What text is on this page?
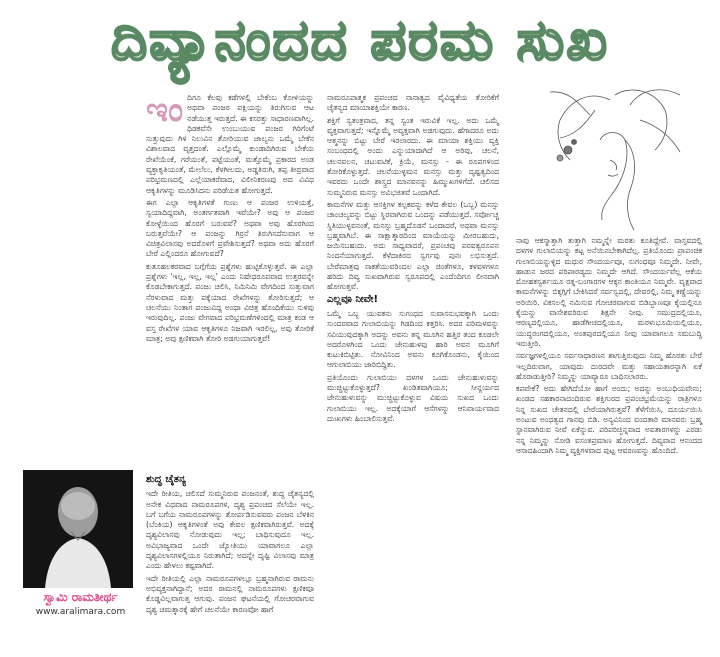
ದಿವ್ಯಾನಂದದ ಪರಮ ಸುಖ
ಇಂ ದಿಗೂ ಕೆಲವು ಕಡೆಗಳಲ್ಲಿ ಬೇಕೆಂಬ ಕೋಳಿಯನ್ನು ಅಥವಾ ಪಂಜರ ಪಕ್ಷಿಯನ್ನು ತಿರುಗಿಸುವ ಆಟ ನಡೆಯುತ್ತ ಇರುತ್ತದೆ. ಈ ಕಸರತ್ತು ಸಾಧಾರಣವಾಗಿಲ್ಲ. ಧಿಡಕವೆಸೇ ಉಂಬುಯುವ ಪಂಜರ ಗಿರಿಗೆಂಟೆ ಸುತ್ತುವುದು ಗಿಳಿ ನಿಲುವಿನ ತೋರಿಯುವ ಜಾಲ್ಯನು ಒಮ್ಮೆ ಬೇಕೆನ ವಿಶಾಲವಾದ ವೃತ್ತದಂತೆ. ಎಲ್ಲೊಮ್ಮೆ ಕುಂಡಾದಿಗಿರುವ ಬೇಕೆಯ ರೇಖೆಯೆಂಕೆ, ಗರೆಯಂತೆ, ಪಟ್ಟೆಯಂತೆ, ಮತ್ತೊಮ್ಮೆ ಪ್ರಕಾರದ ಅಂಡ ವ್ಯಕ್ತಾಕೃತಿಯಂತೆ, ಮೇಲೆಲು, ಕೆಳಗೀಲದು, ಅಡ್ಡತಿರುಗಿ, ತಪ್ಪ ತೀವ್ರವಾದ ಪರಿಭ್ರಮಣದಲ್ಲಿ ಎಲ್ಲೆಯಾಕರೆವಾದ, ವಿಲೀನಿಕರಣವು ಅದ ವಿವಿಧ ಆಕೃತಿಗಳನ್ನು ಮೂಡಿಸಿದನು ಪರಿಡೆಯತ ಹೋಗುತ್ತದೆ.

ಈಗ ಎಲ್ಲಾ ಆಕೃತಿಗಳತೆ ಗುಣು ಆ ಪಂಜರ ಉಳಿಯತ್ತೆ, ಸ್ವಯಾದಿದ್ದವಾಗಿ, ಅಂತರ್ಗತವಾಗಿ ಇವೆಯೇ? ಅವು ಆ ಪಂಜರ ಕೋಳ್ಳೆಯಿಂದ ಹೊರಗೆ ಬರುವವೆ? ಅಥವಾ ಅವು ಹೊರಗಿಂದ ಬರುತ್ತವೆಯೇ? ಆ ಪಂಜನ್ನು ಗಿರ್ರನೆ ತಿರುಗಿಸದೆನುವಾಗ ಆ ವಿಚಿತ್ರವಿಲಾಸವು ಅದರೊಳಗೆ ಪ್ರವೇಶಿಸುತ್ತದೆ? ಅಥವಾ ಅದು ಹೊರಗೆ ಬೇರೆ ಎಲ್ಲಿಂದರೂ ಹೋಗುವದೆ?

ಕುತೂಹಲಕರವಾದ ಬಗ್ಗೆಗೆಯ ಪ್ರಶ್ನೆಗಳು ಹುಟ್ಟಿಕೊಳ್ಳುತ್ತವೆ. ಈ ಎಲ್ಲಾ ಪ್ರಶ್ನೆಗಳು 'ಇಲ್ಲ, ಇಲ್ಲ, ಇಲ್ಲ' ಎಂದು ನಿಷೇಧರೂಪವಾದ ಉತ್ತರವನ್ನೇ ಕೊಡಬೇಕಾಗುತ್ತದೆ. ಪಂಜು ಚಲಿಸಿ, ನಿಮಿನಿಮಿ ವೇಗದಿಂದ ಸುತ್ತುವಾಗ ನೆರಳುವಾದ ಮತ್ತು ಪಕ್ಕೆಯಾದ ರೇಖೆಗಳನ್ನು ತೋರಿಸುತ್ತದೆ; ಆ ಚಲನೆಯು ನಿಂತಾಗ ಪಂಜುವಿದ್ದ ಅಂಥಾ ವಿಚಿತ್ರ ಹೊಂದಿಕೆಯು ಸುಳಿವು ಇರುವುದಿಲ್ಲ. ಪಂಜು ವೇಗವಾದ ಪರಿಭ್ರಮಣೆಗಳಿಂದಲ್ಲಿ ಮಾತ್ರ ಕಂಡ ಆ ವಸ್ತ ರೇಖೆಗಳ ಯಾವ ಆಕೃತಿಗಳೂ ನಿಜವಾಗಿ ಇರಲಿಲ್ಲ, ಅವು ತೋರಿಕೆ ಮಾತ್ರ; ಅವು ಕ್ಷಣಿಕವಾಗಿ ತೋರಿ ಅಡಗುಯಾಗುತ್ತವೆ!

ಶುದ್ಧ ಚೈತನ್ಯ

ಇದೇ ರೀತಿಯ, ಚಲಿಸದೆ ಸುಮ್ಮನಿರುವ ಪಂಜನಂತೆ, ಶುದ್ಧ ಚೈತನ್ಯದಲ್ಲಿ ಅನೇಕ ವಿಧವಾದ ನಾಮರೂಪಗಳ, ದೃಶ್ಯ ಪ್ರಪಂಚದ ಸೆಲೆಯೇ ಇಲ್ಲ. ಬಗೆ ಬಗೆಯ ನಾಮರೂಪಗಳನ್ನು ತೋರ್ಪಡಿಸುವವರು ಪಂಜನ ಬೆಳಕಿನ (ಬೆಂಕಿಯ) ಆಕೃತಿಗಳಂತೆ ಅವು ಕೇವಲ ಕ್ಷಣಿಕವಾಗಿರುತ್ತವೆ. ಅದಕ್ಕೆ ದೃಶ್ಯವಿಲಾಸವು ನೋಡುವುದು ಇಲ್ಲ; ಬಾಧಿಸುವುದೂ ಇಲ್ಲ. ಅವಿಭಾಜ್ಯವಾದ ಒಂದೇ ಜ್ಯೋತಿಯು ಯಾವಾಗಲೂ ಎಲ್ಲಾ ದೃಶ್ಯವಿಲಾಸಗಳಲ್ಲಿಯೂ ನಿರುತಾಗಿದೆ; ಅದನ್ನೇ ದೃಷ್ಟಿ ವಿಲಾಸವು ಮಾತ್ರ ಎಂದು ಹೇಳಲು ಕಷ್ಟವಾಗಿದೆ.

ಇದೇ ರೀತಿಯಲ್ಲಿ ಎಲ್ಲಾ ನಾಮರೂಪಗಳಲ್ಲೂ ಬ್ರಹ್ಮನಾಗಿರುವ ರಾಮನು ಅಭಿವ್ಯಕ್ತನಾಗಿದ್ದಾನೆ; ಅದರ ರಾಮನಲ್ಲಿ ನಾಮರೂಪಗಳು ಕ್ಷಣಿಕವೂ ಕೊಡ್ಡವಿಲ್ಲವಾಗುತ್ತ ಆಗುವು. ಪಂಜನ ಘಟನೆಯಲ್ಲಿ ಗೋಚರವಾಗುವ ದೃಶ್ಯ ಚಮತ್ಕಾರಕ್ಕೆ ಹೇಗೆ ಚಲನೆಯೇ ಕಾರಣವೋ ಹಾಗೆ

ಸ್ವಾಮಿ ರಾಮತೀರ್ಥ
www.aralimara.com

ನಾಮರೂಪಾತ್ಮಕ ಪ್ರಪಂಚದ ನಾನಾತ್ವದ ವೈವಿಧ್ಯತೆಯ ತೋರಿಕೆಗೆ ಚೈತನ್ಯದ ಮಾಯಾಶಕ್ತಿಯೇ ಕಾರಣ.

ಶಕ್ತಿಗೆ ಸ್ವತಂತ್ರವಾದ, ತನ್ನ ಸ್ವಂತ ಇರುವಿಕೆ ಇಲ್ಲ. ಅದು ಒಮ್ಮೆ ವ್ಯಕ್ತವಾಗುತ್ತದೆ; ಇನ್ನೊಮ್ಮೆ ಅವ್ಯಕ್ತವಾಗಿ ಅಡಗುವುದು. ಹೆಗಾದರೂ ಅದು ಆತ್ಮನನ್ನು ಬಿಟ್ಟು ಬೇರೆ ಇರಲಾರದು. ಈ ಮಾಯಾ ಶಕ್ತಿಯು ವ್ಯಕ್ತಿ ಸಂಬಂಧದಲ್ಲಿ ಅಂದು ಎನ್ನುಯಾದಾಗಿದೆ ಆ ಅರಿವು, ಚಲನೆ, ಚಲನವಲನ, ಚಟುವಟಿಕೆ, ಕ್ರಿಯೆ, ಮನಸ್ಸು - ಈ ರೂಪಗಳಿಂದ ತೋರಿಕೊಳ್ಳುತ್ತದೆ. ಚಲನೆಯುಳ್ಳಮನ ಮನಸ್ಸು ಮತ್ತು ದೃಷ್ಟತ್ವದಿಂದ ಇವರದು ಒಂದೇ ಶಾಸ್ತ್ರದ ಮಾನವನನ್ನು ಹಿಮ್ಮುಖಗಳಿಗೆದೆ. ಚಲಿಸದ ಸುಮ್ಮನಿರುವ ಮನಸ್ಸು ಅವಿಭಜಿತವೆ ಒಂದಾಗಿದೆ.

ಕಾಮನೆಗಳ ಮತ್ತು ಆಸಕ್ತಿಗಳ ಕಲ್ಪಕವನ್ನು ಕಳೆದ ಕೇವಲ (ಒಬ್ಬ) ಮನಸ್ಸು ಚಾಂಚಲ್ಯವನ್ನು ಬಿಟ್ಟು ಸ್ಥಿರವಾಗಿರುವ ಒಂದನ್ನು ಪಡೆಯುತ್ತದೆ. ಸರ್ವೋಚ್ಚ ಸ್ಥಿತಿಯುಳ್ಳವನಂತೆ, ಮನಸ್ಸು ಬ್ರಹ್ಮದೊಡನೆ ಒಂದಾದರೆ, ಅಥವಾ ಮನಸ್ಸು ಬ್ರಹ್ಮವಾಗಿಬೆ. ಈ ಸಾಕ್ಷಾತ್ಕಾರದಿಂದ ಮಾಯೆಯನ್ನು ಮೀರಬಹುದು, ಜಯಿಸಬಹುದು. ಅದು ಸಾಧ್ಯವಾದರೆ, ಪ್ರಪಂಚವು ಪರವತ್ವರೂಪನ ನಿಂದನೆಯಾಗುತ್ತದೆ. ಕೆಳೆದಾಕಿರದ ಸ್ವರ್ಗವು ಪುನಃ ಲಭಿಸುತ್ತದೆ. ಬೇರೆಮಾತ್ರವು ಸಾಕತೆಯುವರಿಂದಲ ಎಲ್ಲಾ ಚಿಂತೆಗಳೂ, ಕಳವಳಗಳೂ ಹರಿದು ದಿವ್ಯ ಸುಖವಾಗಿರುವ ಸ್ವರೂಪದಲ್ಲಿ ಎಂದೆಂದಿಗೂ ಲೀನವಾಗಿ ಹೋಗುತ್ತವೆ.

ಎಲ್ಲವೂ ನೀವೇ!

ಒಮ್ಮೆ ಒಬ್ಬ ಯುವಕನು ಸುಗಂಧದ ಸುವಾಸನುಭವಕ್ಕಾಗಿ ಒಂದು ಸುಂದರವಾದ ಗುಲಾಬಿಯನ್ನು ಗಿಡದಿಂದ ಕತ್ತರಿಸಿ. ಅದರ ಪರಿಮಳವನ್ನು ಸವಿಯುವುದಕ್ಕಾಗಿ ಅದನ್ನು ಅವನು ತನ್ನ ಮೂಗಿನ ಹತ್ತಿರ ತಂದ ಕೂಡಲೇ ಅದರೊಳಗಿಂದ ಒಂದು ಜೇನುಹುಳವು ಹಾರಿ ಅವನ ಮೂಗಿಗೆ ಕುಟುಕಿಬಿಟ್ಟಿತು. ನೋವಿನಿಂದ ಅವನು ಕೂಗಿಕೊಂಡನು, ಕೈಯಿಂದ ಆಗುಲಾಬಿಯು ಜಾರಿಬಿದ್ದಿತು.

ಪ್ರತಿಯೊಂದು ಗುಲಾಬಿಯು ದಳಗಳ ಒಂದು ಜೇನುಹುಳುವನ್ನು ಮುಚ್ಚಿಟ್ಟುಕೊಳ್ಳುತ್ತದೆ? ಖಂಡಿತವಾಗಿಯೂ; ಸೀನ್ದರ್ಯದ ಜೇನುಹುಳುವನ್ನು ಮುಚ್ಚಿಟ್ಟುಕೊಳ್ಳುವ ವಿಷಯ ಸುಖದ ಒಂದು ಗುಲಾಬಿಯು ಇಲ್ಲ. ಅದಕ್ಕೆಯಾಗೆ ಆಸೆಗಳನ್ನು ಆನಿವಾರ್ಯವಾದ ದುಃಖಗಳು ಹಿಂಬಾಲಿಸುತ್ತವೆ.

ನಾವು ಆಕಸ್ಮಾತ್ತಾಗಿ ತುತ್ತಾಗಿ ನಮ್ಮನ್ನೇ ಮರತು ಕೂತಿದ್ದೇವೆ. ವಾಸ್ತವದಲ್ಲಿ ದಳಗಳ ಗುಲಾಬಿಯನ್ನು ಕಟ್ಟ ಅನೆಯಿನಬೇಕಾಗಿದೆಲ್ಲ. ಪ್ರತಿಯೊಂದು ಪ್ರಾಪಂಚಿಕ ಗುಲಾಬಿಯನ್ನುಳ್ಳಿದ ಮಧುರ ಸೌಂದರ್ಯವೂ, ಸುಗಂಧವೂ ನಿಮ್ಮದೇ. ನೀವೇ, ಹಾಡುನ ಜರದ ಪರಿಪಾರಡ್ಯದು ನಿಮ್ಮದೇ ಆಗಿದೆ. ಸೌಂದರ್ಯವೆಲ್ಲ ಆಕೆಯ ಮೋಹಕಸ್ವರ್ಶಯೂ ರತ್ನ-ಬಂಗಾರಗಳ ಆಕ್ಕನ ಕಾಂತಿಯೂ ನಿಮ್ಮವೇ. ವೃಕ್ಷವಾದ ಕಾಮನೆಗಳನ್ನು ಬಿಕ್ಕಗ್ಗಿಗೆ ಬೇಕಿಸಿದರೆ ಸರ್ವಸ್ವದಲ್ಲಿ, ದೇವರಲ್ಲಿ, ನಿಮ್ಮ ಕಣ್ಣೆಯನ್ನು ಅರಿಯಿರಿ. ವಿಕಸಲಲ್ಲಿ ನಮಿಸುವ ಗೋಚರವಾಗುವ ಬಿಡಿಬ್ಬಾಣವೂ ಕೈಯಲ್ಲಿನೂ ಕೈಯನ್ನು ವಾಸೇಶವರಿರುವ ಶಿಕ್ಷನೇ ನೀವು. ಸಮುದ್ರದಲ್ಲಿಯೂ, ಆರಣ್ಯದಲ್ಲಿಯೂ, ಹಾಡೆಗೀಚದಲ್ಲಿಯೂ, ಮರಳುಭೂಮಿಯಲ್ಲಿಯೂ, ಯುದ್ಧರಂಗದಲ್ಲಿಯೂ, ಅಂತಪುರದಲ್ಲಿಯೂ ನೀವು ಯಾವಾಗಲೂ ಸಮಬುದ್ಧಿ ಇರುತ್ತೀರಿ.

ಸರ್ವಜ್ಞಗಳಲ್ಲಿಯೂ ಸರ್ವಸಾಧಾರಣನ ಶಾಗುತ್ತಿರುವುದು ನಿಮ್ಮ ಹೊರತು ಬೇರೆ ಇಲ್ಲದಿರುವಾಗ, ಯಾವುದು ದುರದವೇ ಮತ್ತು ಸಹಾಯತಾರನ್ನಾಗಿ ಏಕೆ ಹೊರಾಡುತ್ತೀರಿ? ನಿಮ್ಮನ್ನು ಯಾವ್ಯಾರೂ ಬಾಧಿಸಲಾರರು.

ಕಪವೇಕೆ? ಅದು ಹೇಗಿದೆಯೋ ಹಾಗೆ ಅಂದು; ಅದನ್ನು ಅಂಬುಧಿಯವೇನು; ಖಂಡದ ಸಹಕಾರನಾದಂದಿರುವ ಶಕ್ತಿಗುರದ ಪ್ರಪಂಚಭ್ರಮೆಯನ್ನು ರಾತ್ರಿಗಳೂ ನಿನ್ನ ಸುಖದ ಚೇತನದಲ್ಲಿ ಬೇರೆಯಾಗಿರುತ್ತವೆ? ತೆಳೆಗೆಯಿಸಿ, ದೂರ್ಯಯಿಸಿ ಅಂಟುವ ಅಂಧತ್ವದ ಗಾನವು ಬಿಡಿ. ಅನ್ಯವಿನಿಂದ ವಂದತಾರಿ ಮಾನವರು ಬ್ರಹ್ಮ ಸ್ಥಾನವಾಗಿರುವ ನೀವೆ ಏಕೆನ್ನುವ. ಪರಿಪರಿಚ್ಛಿನ್ನವಾದ ಅವತಾರಗಳನ್ನು ಎರಡು ನನ್ನ ನಿಮ್ಮನ್ನು ನೋಡಿ ವಸಂತಪ್ರಮಾಣ ಹೋಗುತ್ತದೆ. ದಿವ್ಯವಾದ ಆನಂದದ ಆಸಾದಹಿಂದಾಗಿ ನಿಮ್ಮ ವ್ಯಕ್ತಿಗಳವಾದ ಪುಟ್ಟ ಆವರಣವನ್ನು ಹೊಂದಿದೆ.
